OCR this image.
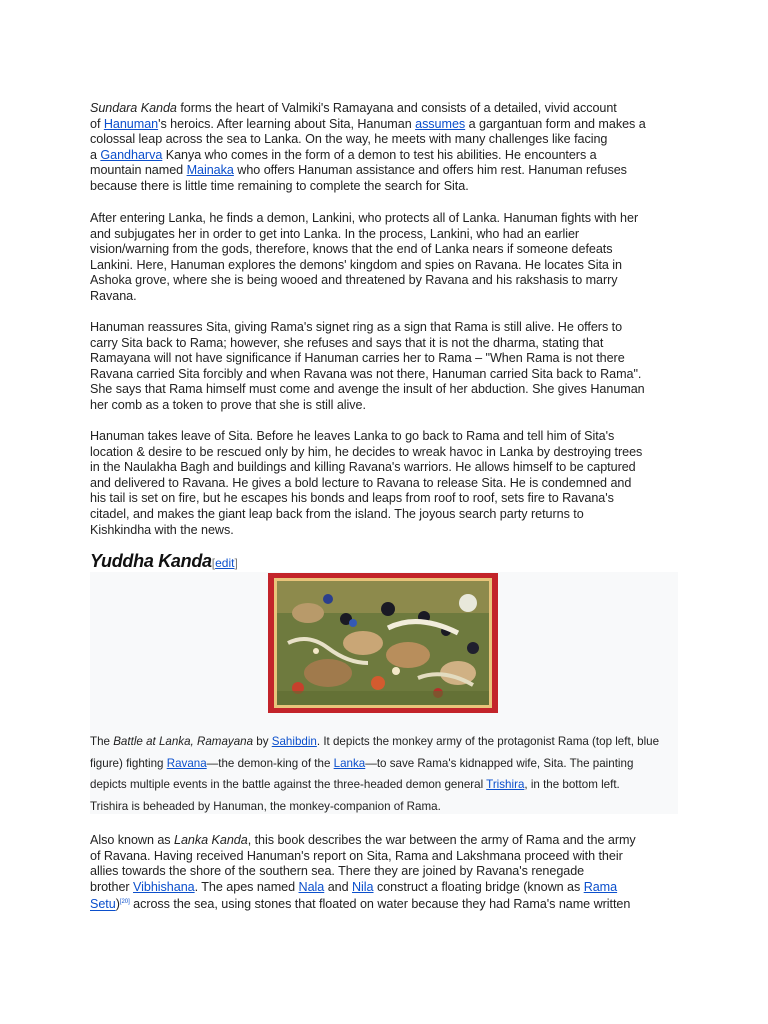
Sundara Kanda forms the heart of Valmiki's Ramayana and consists of a detailed, vivid account
of Hanuman's heroics. After learning about Sita, Hanuman assumes a gargantuan form and makes a
colossal leap across the sea to Lanka. On the way, he meets with many challenges like facing
a Gandharva Kanya who comes in the form of a demon to test his abilities. He encounters a
mountain named Mainaka who offers Hanuman assistance and offers him rest. Hanuman refuses
because there is little time remaining to complete the search for Sita.
After entering Lanka, he finds a demon, Lankini, who protects all of Lanka. Hanuman fights with her
and subjugates her in order to get into Lanka. In the process, Lankini, who had an earlier
vision/warning from the gods, therefore, knows that the end of Lanka nears if someone defeats
Lankini. Here, Hanuman explores the demons' kingdom and spies on Ravana. He locates Sita in
Ashoka grove, where she is being wooed and threatened by Ravana and his rakshasis to marry
Ravana.
Hanuman reassures Sita, giving Rama's signet ring as a sign that Rama is still alive. He offers to
carry Sita back to Rama; however, she refuses and says that it is not the dharma, stating that
Ramayana will not have significance if Hanuman carries her to Rama – "When Rama is not there
Ravana carried Sita forcibly and when Ravana was not there, Hanuman carried Sita back to Rama".
She says that Rama himself must come and avenge the insult of her abduction. She gives Hanuman
her comb as a token to prove that she is still alive.
Hanuman takes leave of Sita. Before he leaves Lanka to go back to Rama and tell him of Sita's
location & desire to be rescued only by him, he decides to wreak havoc in Lanka by destroying trees
in the Naulakha Bagh and buildings and killing Ravana's warriors. He allows himself to be captured
and delivered to Ravana. He gives a bold lecture to Ravana to release Sita. He is condemned and
his tail is set on fire, but he escapes his bonds and leaps from roof to roof, sets fire to Ravana's
citadel, and makes the giant leap back from the island. The joyous search party returns to
Kishkindha with the news.
Yuddha Kanda[edit]
The Battle at Lanka, Ramayana by Sahibdin. It depicts the monkey army of the protagonist Rama (top left, blue
figure) fighting Ravana—the demon-king of the Lanka—to save Rama's kidnapped wife, Sita. The painting
depicts multiple events in the battle against the three-headed demon general Trishira, in the bottom left.
Trishira is beheaded by Hanuman, the monkey-companion of Rama.
Also known as Lanka Kanda, this book describes the war between the army of Rama and the army
of Ravana. Having received Hanuman's report on Sita, Rama and Lakshmana proceed with their
allies towards the shore of the southern sea. There they are joined by Ravana's renegade
brother Vibhishana. The apes named Nala and Nila construct a floating bridge (known as Rama
Setu)[20] across the sea, using stones that floated on water because they had Rama's name written
